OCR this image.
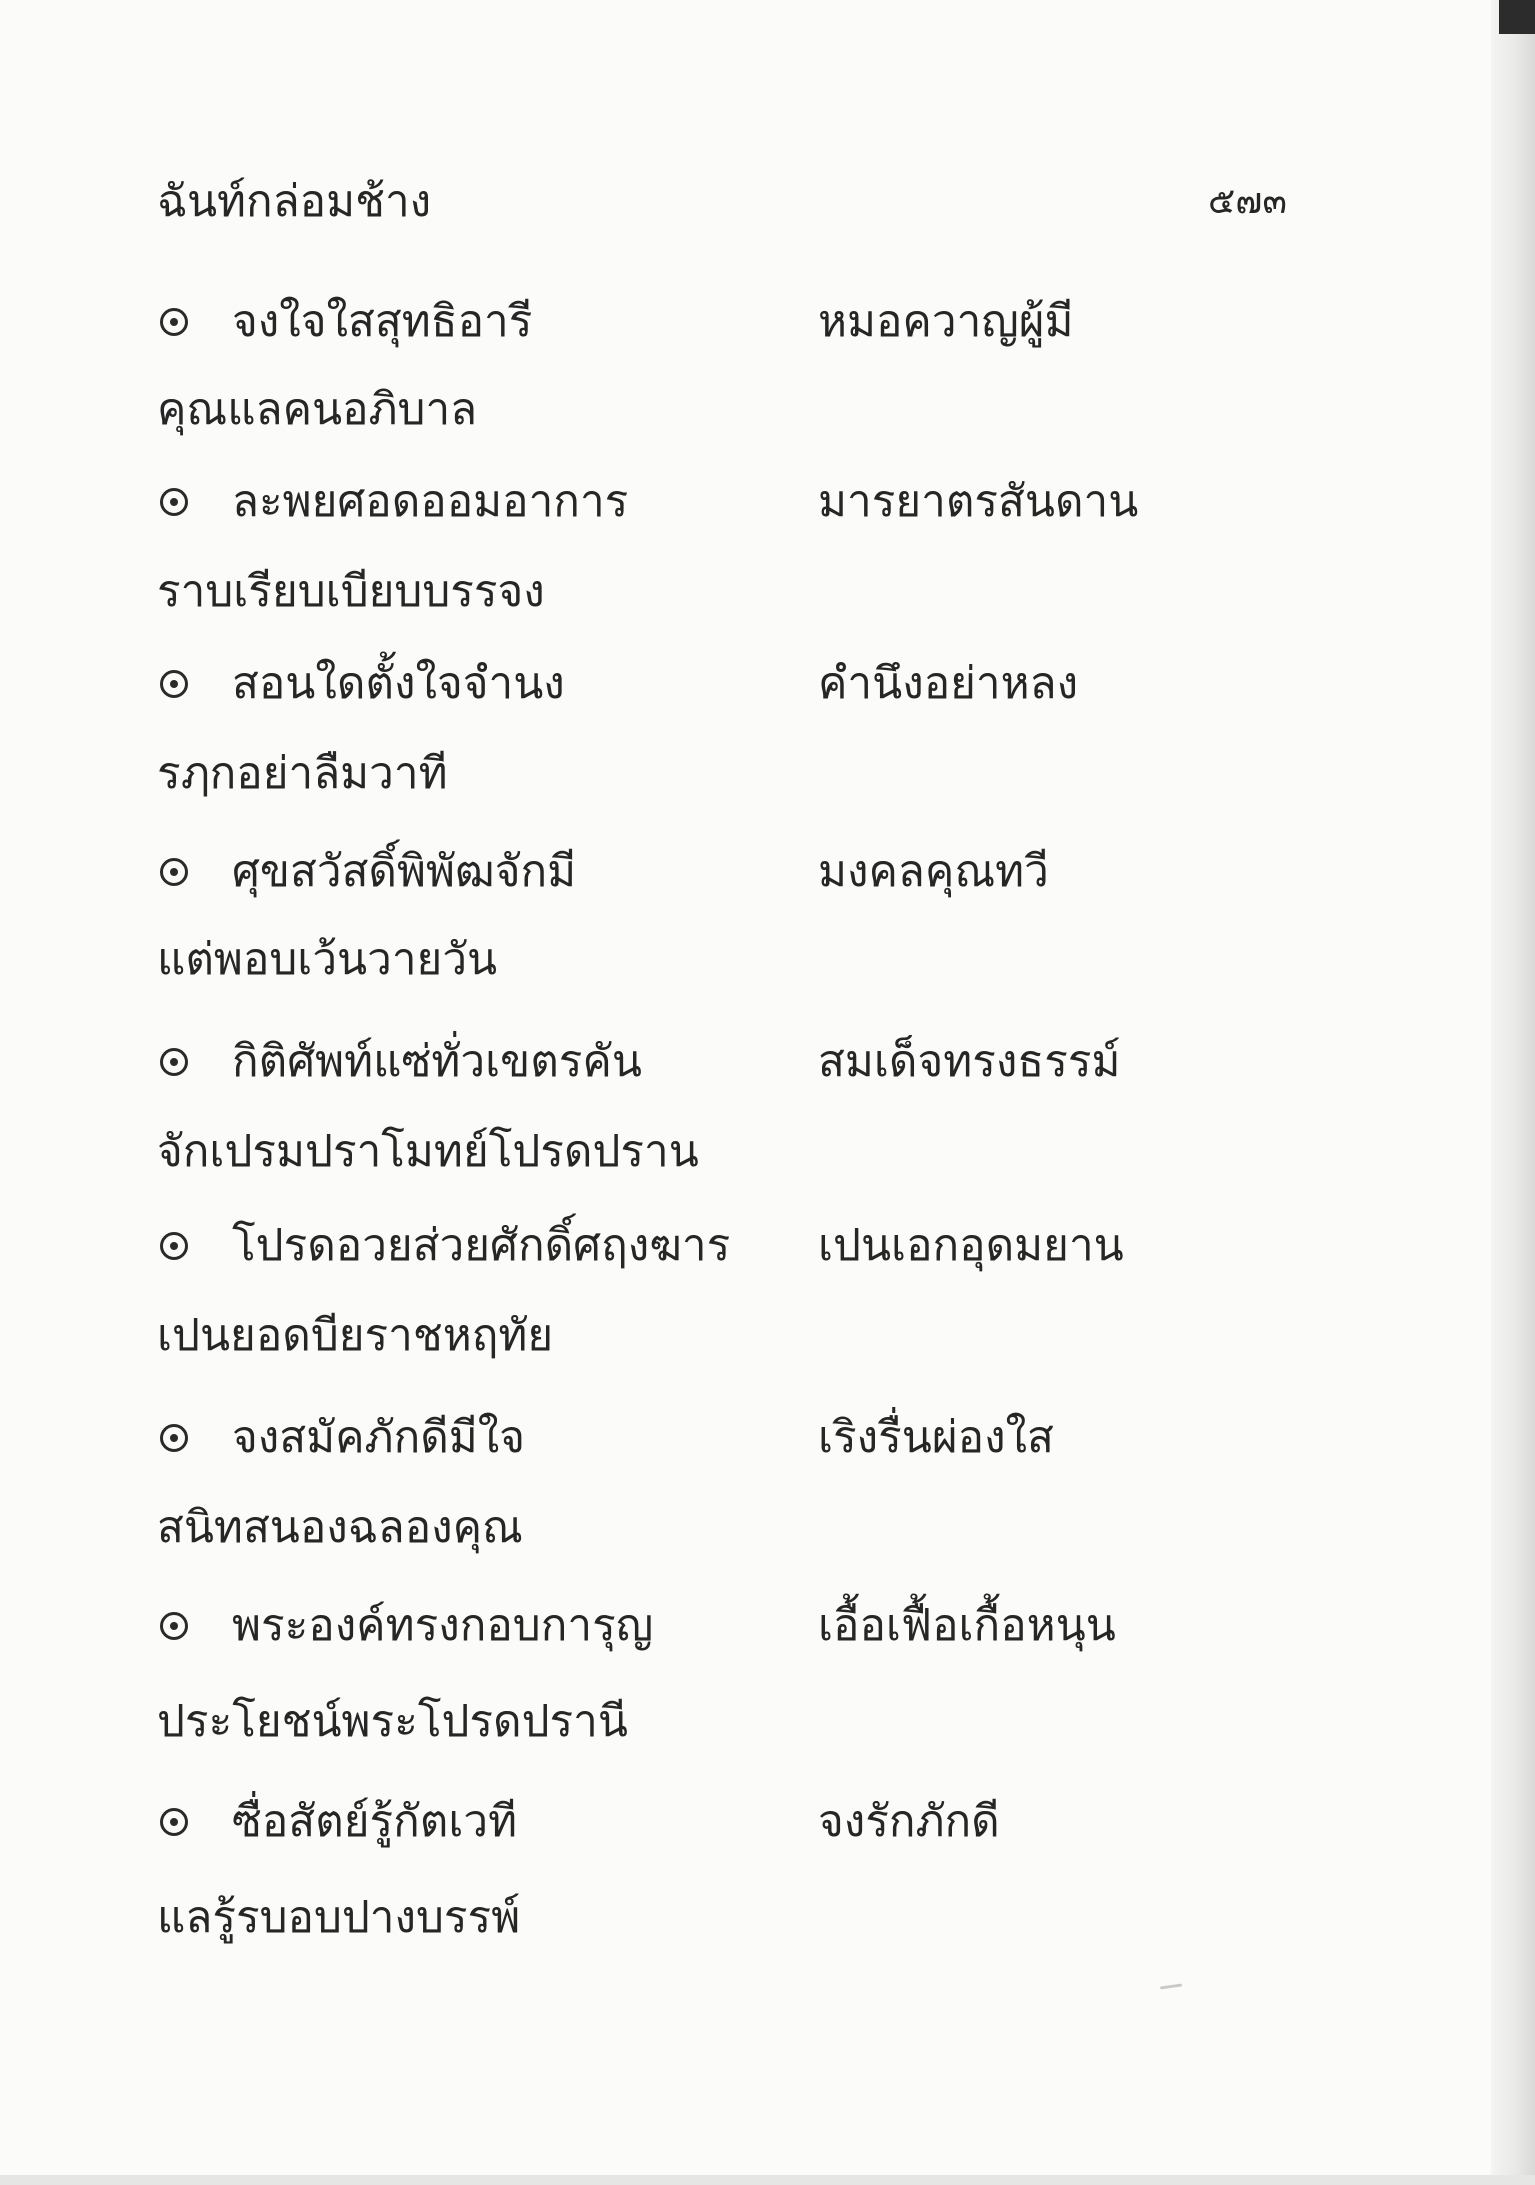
ฉันท์กล่อมช้าง	๕๗๓
จงใจใสสุทธิอารี	หมอควาญผู้มี
คุณแลคนอภิบาล
ละพยศอดออมอาการ	มารยาตรสันดาน
ราบเรียบเบียบบรรจง
สอนใดตั้งใจจำนง	คำนึงอย่าหลง
รฦกอย่าลืมวาที
ศุขสวัสดิ์พิพัฒจักมี	มงคลคุณทวี
แต่พอบเว้นวายวัน
กิติศัพท์แซ่ทั่วเขตรคัน	สมเด็จทรงธรรม์
จักเปรมปราโมทย์โปรดปราน
โปรดอวยส่วยศักดิ์ศฤงฆาร เปนเอกอุดมยาน
เปนยอดบียราชหฤทัย
จงสมัคภักดีมีใจ	เริงรื่นผ่องใส
สนิทสนองฉลองคุณ
พระองค์ทรงกอบการุญ	เอื้อเฟื้อเกื้อหนุน
ประโยชน์พระโปรดปรานี
ซื่อสัตย์รู้กัตเวที	จงรักภักดี
แลรู้รบอบปางบรรพ์
